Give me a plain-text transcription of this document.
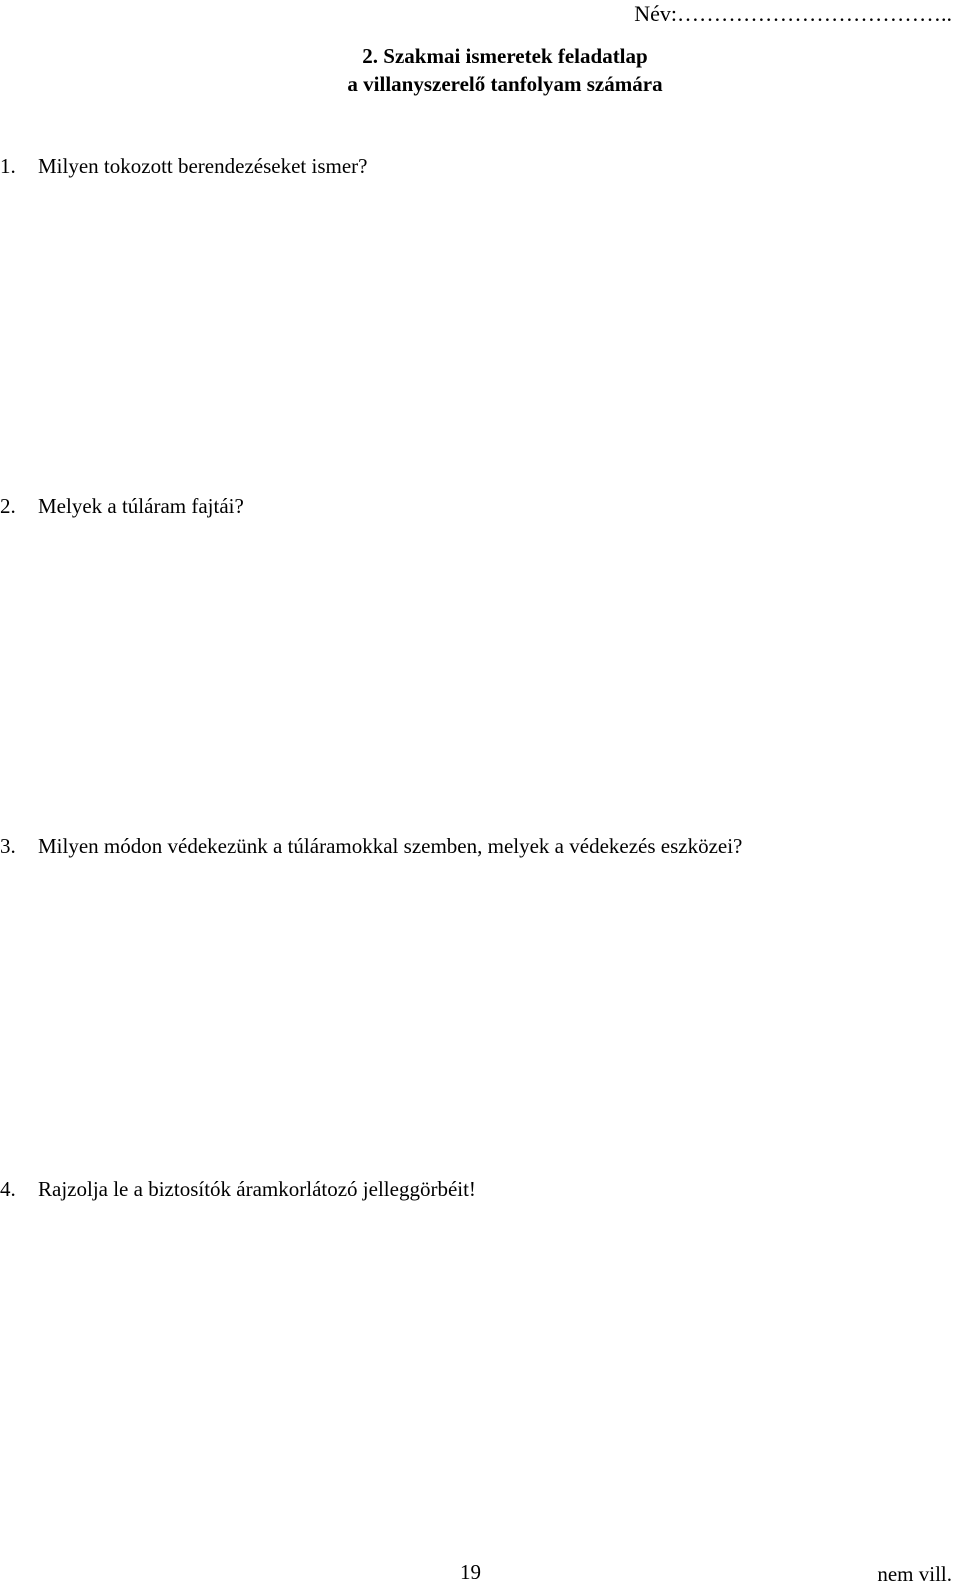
Név:………………………………..
2. Szakmai ismeretek feladatlap
a villanyszerelő tanfolyam számára
1. Milyen tokozott berendezéseket ismer?
2. Melyek a túláram fajtái?
3. Milyen módon védekezünk a túláramokkal szemben, melyek a védekezés eszközei?
4. Rajzolja le a biztosítók áramkorlátozó jelleggörbéit!
19	nem vill.
